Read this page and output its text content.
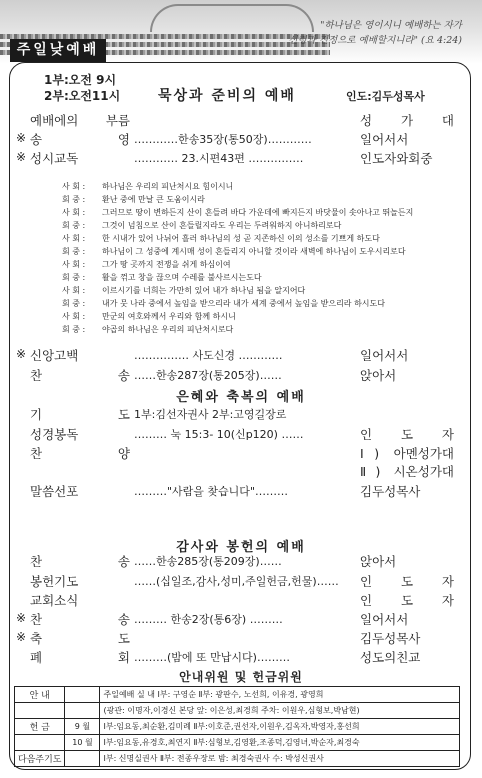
"하나님은 영이시니 예배하는 자가
신령과 진정으로 예배할지니라" (요 4:24)
주일낮예배
1부:오전 9시
2부:오전11시	묵상과 준비의 예배	인도:김두성목사
예배에의 부름	성 가 대
※ 송 영 …………한송35장(통50장)…………	일어서서
※ 성시교독	………… 23.시편43편 ……………	인도자와회중
사 회 :	하나님은 우리의 피난처시요 힘이시니
회 중 :	환난 중에 만날 큰 도움이시라
사 회 :	그러므로 땅이 변하든지 산이 흔들려 바다 가운데에 빠지든지 바닷물이 솟아나고 뛰놀든지
회 중 :	그것이 넘침으로 산이 흔들릴지라도 우리는 두려워하지 아니하리로다
사 회 :	한 시내가 있어 나뉘어 흘러 하나님의 성 곧 지존하신 이의 성소를 기쁘게 하도다
회 중 :	하나님이 그 성중에 계시매 성이 흔들리지 아니할 것이라 새벽에 하나님이 도우시리로다
사 회 :	그가 땅 곳까지 전쟁을 쉬게 하심이여
회 중 :	활을 꺾고 창을 끊으며 수레를 불사르시는도다
사 회 :	이르시기를 너희는 가만히 있어 내가 하나님 됨을 알지어다
회 중 :	내가 뭇 나라 중에서 높임을 받으리라 내가 세계 중에서 높임을 받으리라 하시도다
사 회 :	만군의 여호와께서 우리와 함께 하시니
회 중 :	야곱의 하나님은 우리의 피난처시로다
※ 신앙고백	…………… 사도신경 …………	일어서서
찬 송 ……한송287장(통205장)……	앉아서
은혜와 축복의 예배
기 도 1부:김선자권사 2부:고영길장로
성경봉독	……… 눅 15:3- 10(신p120) ……	인 도 자
찬 양	Ⅰ) 아멘성가대
Ⅱ) 시온성가대
말씀선포	………"사람을 찾습니다"………	김두성목사
감사와 봉헌의 예배
찬 송 ……한송285장(통209장)……	앉아서
봉헌기도	……(십일조,감사,성미,주일헌금,헌물)……	인 도 자
교회소식	인 도 자
※ 찬 송 ……… 한송2장(통6장) ………	일어서서
※ 축 도	김두성목사
폐 회 ………(밤에 또 만납시다)………	성도의친교
안내위원 및 헌금위원
안 내		주일예배 실 내 Ⅰ부: 구영순 Ⅱ부: 광판수, 노선희, 이유경, 광영희
		(광관: 이명자,이경신 본당 앞: 이은성,최경희 주차: 이원우,심형보,박남현)
헌 금	9 월	Ⅰ부:임요동,최순환,김미례 Ⅱ부:이호준,권선자,이원우,김옥자,박영자,홍선희
	10 월	Ⅰ부:임요동,유경호,최연지 Ⅱ부:심형보,김영환,조종덕,김영녀,박순자,최경숙
다음주기도		Ⅰ부: 신명실권사 Ⅱ부: 전종우장로 밤: 최경숙권사 수: 박성신권사
